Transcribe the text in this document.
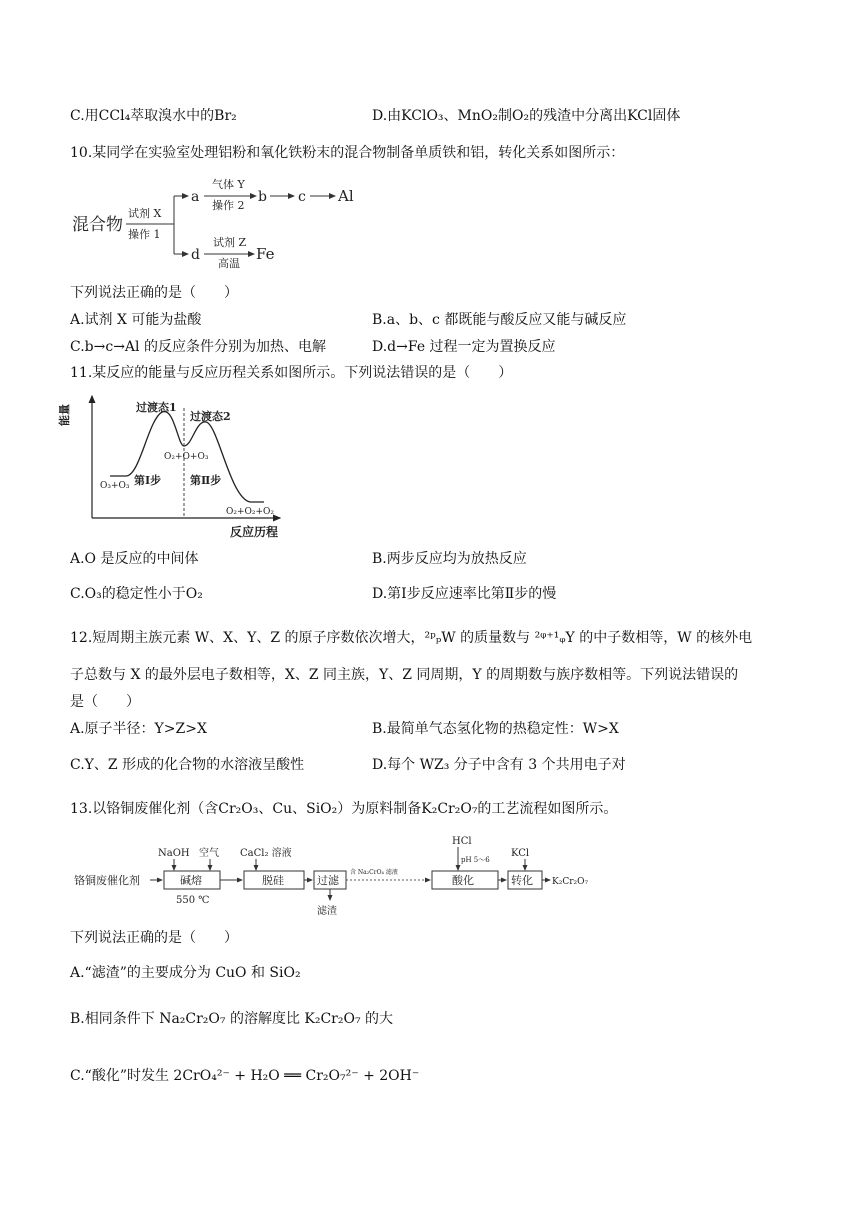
C.用CCl₄萃取溴水中的Br₂	D.由KClO₃、MnO₂制O₂的残渣中分离出KCl固体
10.某同学在实验室处理铝粉和氧化铁粉末的混合物制备单质铁和铝，转化关系如图所示：
混合物
试剂 X
操作 1
a
气体 Y
操作 2
b c Al
d
试剂 Z
高温
Fe
下列说法正确的是（　　）
A.试剂 X 可能为盐酸	B.a、b、c 都既能与酸反应又能与碱反应
C.b→c→Al 的反应条件分别为加热、电解	D.d→Fe 过程一定为置换反应
11.某反应的能量与反应历程关系如图所示。下列说法错误的是（　　）
能量
反应历程
过渡态1
过渡态2
O₂+O+O₃
O₃+O₃ 第Ⅰ步	第Ⅱ步
O₂+O₂+O₂
A.O 是反应的中间体	B.两步反应均为放热反应
C.O₃的稳定性小于O₂	D.第Ⅰ步反应速率比第Ⅱ步的慢
12.短周期主族元素 W、X、Y、Z 的原子序数依次增大，²ᵖₚW 的质量数与 ²ᵠ⁺¹ᵩY 的中子数相等，W 的核外电
子总数与 X 的最外层电子数相等，X、Z 同主族，Y、Z 同周期，Y 的周期数与族序数相等。下列说法错误的
是（　　）
A.原子半径：Y>Z>X	B.最简单气态氢化物的热稳定性：W>X
C.Y、Z 形成的化合物的水溶液呈酸性	D.每个 WZ₃ 分子中含有 3 个共用电子对
13.以铬铜废催化剂（含Cr₂O₃、Cu、SiO₂）为原料制备K₂Cr₂O₇的工艺流程如图所示。
铬铜废催化剂	碱熔
NaOH 空气
550 ℃
脱硅
CaCl₂ 溶液
过滤
滤渣
含 Na₂CrO₄ 滤液
酸化
HCl
pH 5～6
转化
KCl
K₂Cr₂O₇
下列说法正确的是（　　）
A.“滤渣”的主要成分为 CuO 和 SiO₂
B.相同条件下 Na₂Cr₂O₇ 的溶解度比 K₂Cr₂O₇ 的大
C.“酸化”时发生 2CrO₄²⁻ + H₂O ══ Cr₂O₇²⁻ + 2OH⁻
